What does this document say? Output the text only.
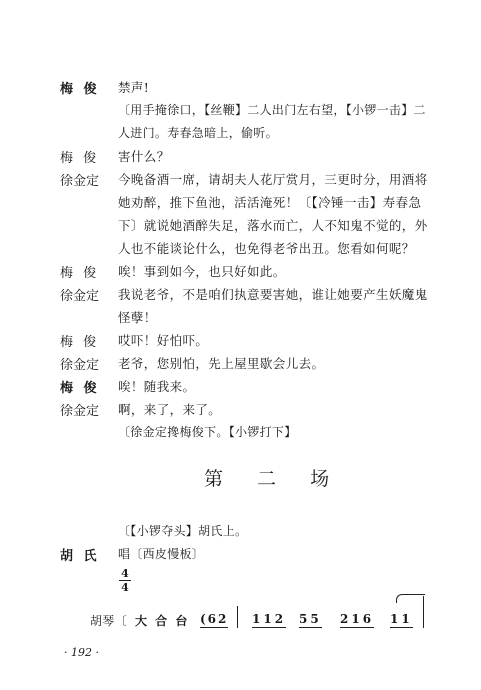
梅 俊 禁声!
〔用手掩徐口，【丝鞭】二人出门左右望，【小锣一击】二
人进门。寿春急暗上，偷听。
梅 俊 害什么？
徐金定 今晚备酒一席，请胡夫人花厅赏月，三更时分，用酒将
她劝醉，推下鱼池，活活淹死！〔【冷锤一击】寿春急
下〕就说她酒醉失足，落水而亡，人不知鬼不觉的，外
人也不能谈论什么，也免得老爷出丑。您看如何呢？
梅 俊 唉！事到如今，也只好如此。
徐金定 我说老爷，不是咱们执意要害她，谁让她要产生妖魔鬼
怪孽！
梅 俊 哎吓！好怕吓。
徐金定 老爷，您别怕，先上屋里歇会儿去。
梅 俊 唉！随我来。
徐金定 啊，来了，来了。
〔徐金定搀梅俊下。【小锣打下】
第 二 场
〔【小锣夺头】胡氏上。
胡 氏 唱〔西皮慢板〕
4
4
胡琴〔 大 合 台 (62 112 55 216 11
· 192 ·
